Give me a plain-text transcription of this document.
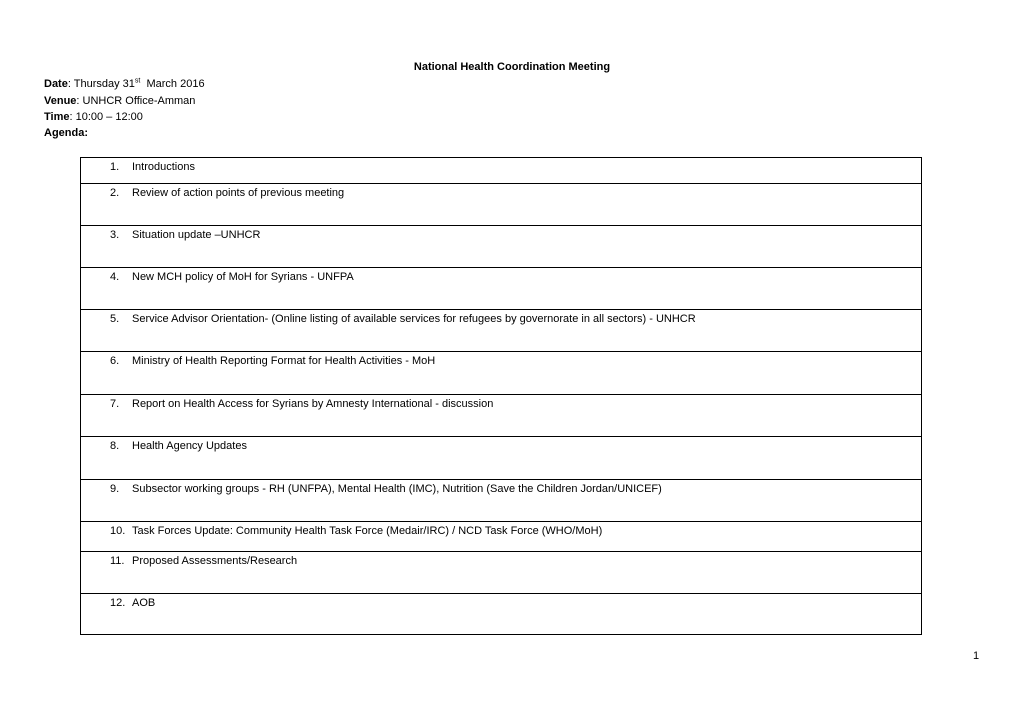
National Health Coordination Meeting
Date: Thursday 31st  March 2016
Venue: UNHCR Office-Amman
Time: 10:00 – 12:00
Agenda:
1. Introductions
2. Review of action points of previous meeting
3. Situation update –UNHCR
4. New MCH policy of MoH for Syrians - UNFPA
5. Service Advisor Orientation- (Online listing of available services for refugees by governorate in all sectors) - UNHCR
6. Ministry of Health Reporting Format for Health Activities - MoH
7. Report on Health Access for Syrians by Amnesty International - discussion
8. Health Agency Updates
9. Subsector working groups - RH (UNFPA), Mental Health (IMC), Nutrition (Save the Children Jordan/UNICEF)
10. Task Forces Update: Community Health Task Force (Medair/IRC) / NCD Task Force (WHO/MoH)
11. Proposed Assessments/Research
12. AOB
1
